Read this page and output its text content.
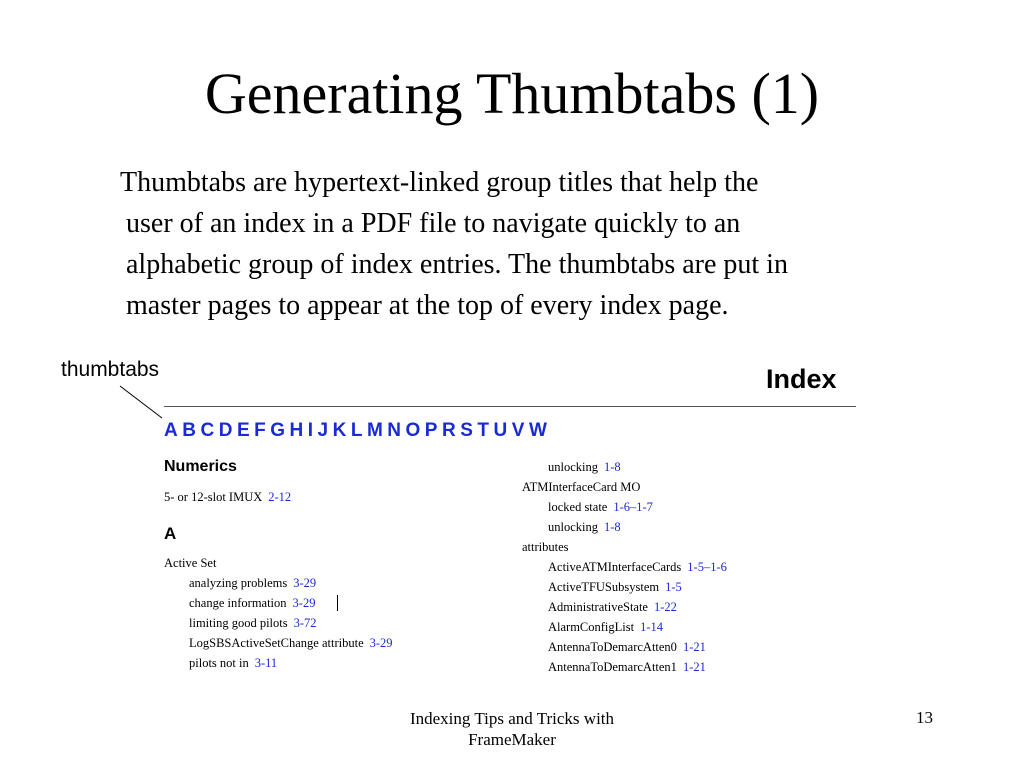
Generating Thumbtabs (1)
Thumbtabs are hypertext-linked group titles that help the
user of an index in a PDF file to navigate quickly to an
alphabetic group of index entries. The thumbtabs are put in
master pages to appear at the top of every index page.
thumbtabs	Index
A B C D E F G H I J K L M N O P R S T U V W
Numerics
5- or 12-slot IMUX 2-12
A
Active Set
analyzing problems 3-29
change information 3-29
limiting good pilots 3-72
LogSBSActiveSetChange attribute 3-29
pilots not in 3-11
unlocking 1-8
ATMInterfaceCard MO
locked state 1-6–1-7
unlocking 1-8
attributes
ActiveATMInterfaceCards 1-5–1-6
ActiveTFUSubsystem 1-5
AdministrativeState 1-22
AlarmConfigList 1-14
AntennaToDemarcAtten0 1-21
AntennaToDemarcAtten1 1-21
Indexing Tips and Tricks with
FrameMaker
13
